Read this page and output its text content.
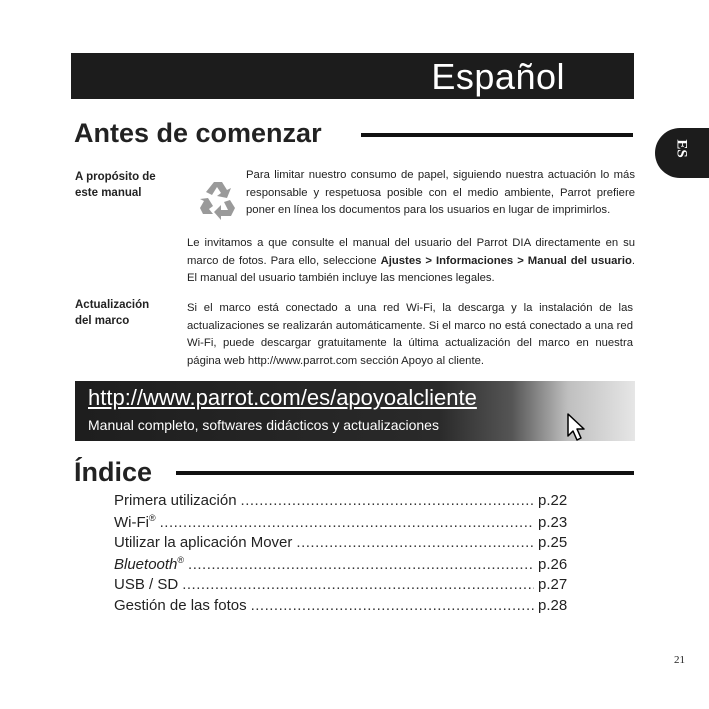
Español
ES
Antes de comenzar
A propósito de
este manual
Para limitar nuestro consumo de papel, siguiendo nuestra actuación lo más responsable y respetuosa posible con el medio ambiente, Parrot prefiere poner en línea los documentos para los usuarios en lugar de imprimirlos.
Le invitamos a que consulte el manual del usuario del Parrot DIA directamente en su marco de fotos. Para ello, seleccione Ajustes > Informaciones > Manual del usuario. El manual del usuario también incluye las menciones legales.
Actualización
del marco
Si el marco está conectado a una red Wi-Fi, la descarga y la instalación de las actualizaciones se realizarán automáticamente. Si el marco no está conectado a una red Wi-Fi, puede descargar gratuitamente la última actualización del marco en nuestra página web http://www.parrot.com sección Apoyo al cliente.
http://www.parrot.com/es/apoyoalcliente
Manual completo, softwares didácticos y actualizaciones
Índice
Primera utilización .....	p.22
Wi-Fi® .....	p.23
Utilizar la aplicación Mover .....	p.25
Bluetooth® .....	p.26
USB / SD .....	p.27
Gestión de las fotos .....	p.28
21
